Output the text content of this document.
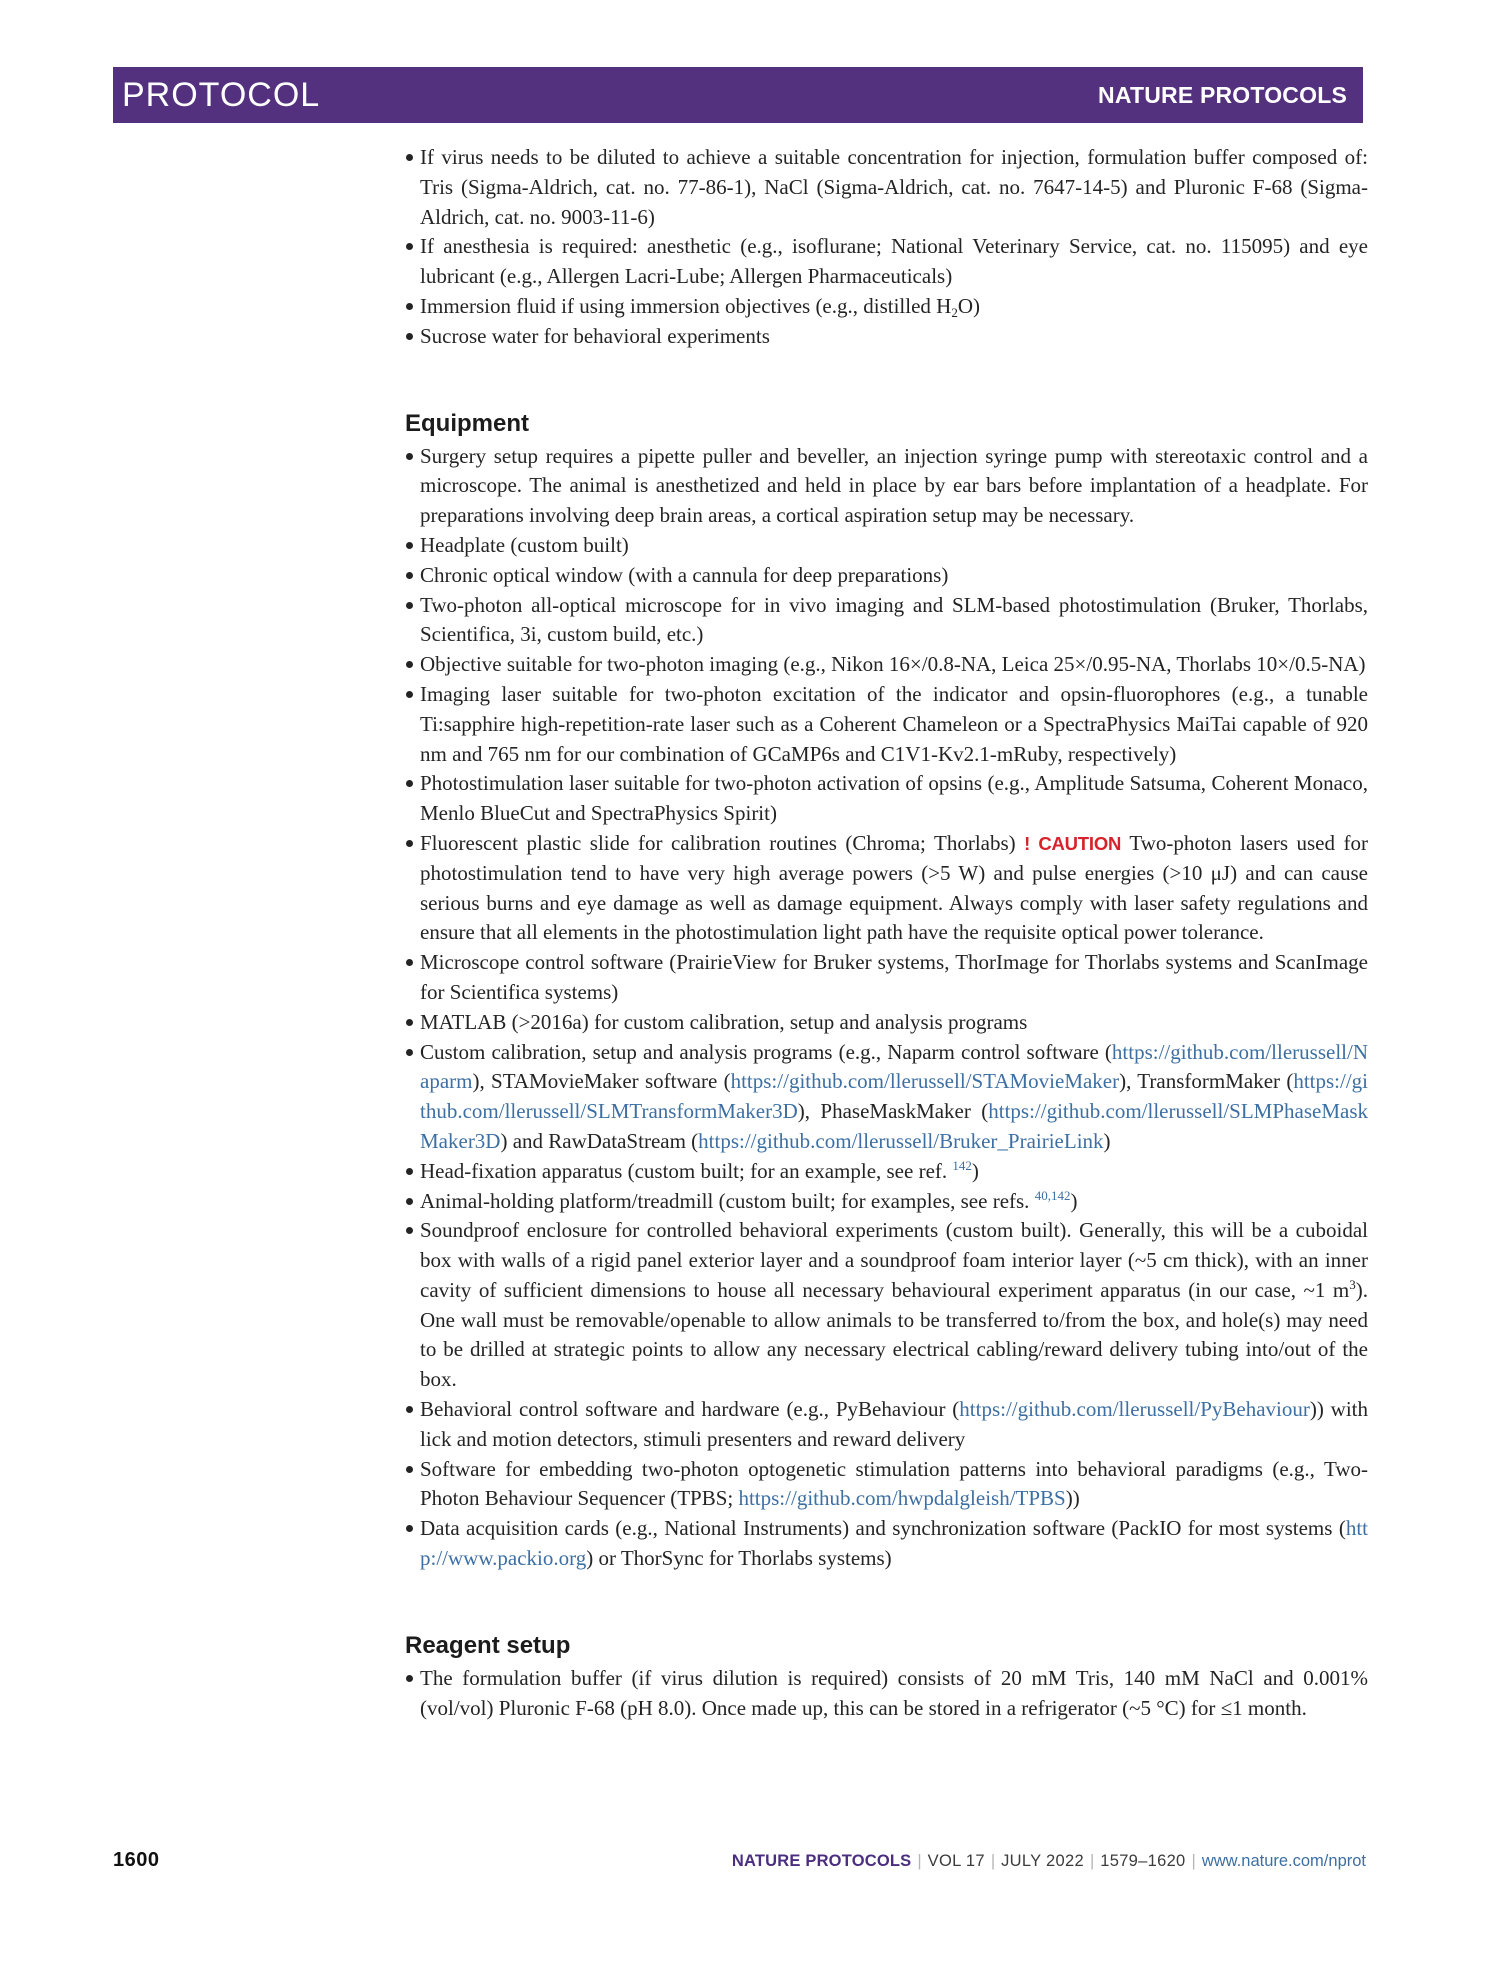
PROTOCOL	NATURE PROTOCOLS
If virus needs to be diluted to achieve a suitable concentration for injection, formulation buffer composed of: Tris (Sigma-Aldrich, cat. no. 77-86-1), NaCl (Sigma-Aldrich, cat. no. 7647-14-5) and Pluronic F-68 (Sigma-Aldrich, cat. no. 9003-11-6)
If anesthesia is required: anesthetic (e.g., isoflurane; National Veterinary Service, cat. no. 115095) and eye lubricant (e.g., Allergen Lacri-Lube; Allergen Pharmaceuticals)
Immersion fluid if using immersion objectives (e.g., distilled $H_2O$)
Sucrose water for behavioral experiments
Equipment
Surgery setup requires a pipette puller and beveller, an injection syringe pump with stereotaxic control and a microscope. The animal is anesthetized and held in place by ear bars before implantation of a headplate. For preparations involving deep brain areas, a cortical aspiration setup may be necessary.
Headplate (custom built)
Chronic optical window (with a cannula for deep preparations)
Two-photon all-optical microscope for in vivo imaging and SLM-based photostimulation (Bruker, Thorlabs, Scientifica, 3i, custom build, etc.)
Objective suitable for two-photon imaging (e.g., Nikon 16×/0.8-NA, Leica 25×/0.95-NA, Thorlabs 10×/0.5-NA)
Imaging laser suitable for two-photon excitation of the indicator and opsin-fluorophores (e.g., a tunable Ti:sapphire high-repetition-rate laser such as a Coherent Chameleon or a SpectraPhysics MaiTai capable of 920 nm and 765 nm for our combination of GCaMP6s and C1V1-Kv2.1-mRuby, respectively)
Photostimulation laser suitable for two-photon activation of opsins (e.g., Amplitude Satsuma, Coherent Monaco, Menlo BlueCut and SpectraPhysics Spirit)
Fluorescent plastic slide for calibration routines (Chroma; Thorlabs) ! CAUTION Two-photon lasers used for photostimulation tend to have very high average powers (>5 W) and pulse energies (>10 μJ) and can cause serious burns and eye damage as well as damage equipment. Always comply with laser safety regulations and ensure that all elements in the photostimulation light path have the requisite optical power tolerance.
Microscope control software (PrairieView for Bruker systems, ThorImage for Thorlabs systems and ScanImage for Scientifica systems)
MATLAB (>2016a) for custom calibration, setup and analysis programs
Custom calibration, setup and analysis programs (e.g., Naparm control software (https://github.com/llerussell/Naparm), STAMovieMaker software (https://github.com/llerussell/STAMovieMaker), TransformMaker (https://github.com/llerussell/SLMTransformMaker3D), PhaseMaskMaker (https://github.com/llerussell/SLMPhaseMaskMaker3D) and RawDataStream (https://github.com/llerussell/Bruker_PrairieLink)
Head-fixation apparatus (custom built; for an example, see ref. $^{142}$)
Animal-holding platform/treadmill (custom built; for examples, see refs. $^{40,142}$)
Soundproof enclosure for controlled behavioral experiments (custom built). Generally, this will be a cuboidal box with walls of a rigid panel exterior layer and a soundproof foam interior layer (~5 cm thick), with an inner cavity of sufficient dimensions to house all necessary behavioural experiment apparatus (in our case, ~1 $m^3$). One wall must be removable/openable to allow animals to be transferred to/from the box, and hole(s) may need to be drilled at strategic points to allow any necessary electrical cabling/reward delivery tubing into/out of the box.
Behavioral control software and hardware (e.g., PyBehaviour (https://github.com/llerussell/PyBehaviour)) with lick and motion detectors, stimuli presenters and reward delivery
Software for embedding two-photon optogenetic stimulation patterns into behavioral paradigms (e.g., Two-Photon Behaviour Sequencer (TPBS; https://github.com/hwpdalgleish/TPBS))
Data acquisition cards (e.g., National Instruments) and synchronization software (PackIO for most systems (http://www.packio.org) or ThorSync for Thorlabs systems)
Reagent setup
The formulation buffer (if virus dilution is required) consists of 20 mM Tris, 140 mM NaCl and 0.001% (vol/vol) Pluronic F-68 (pH 8.0). Once made up, this can be stored in a refrigerator (~5 °C) for ≤1 month.
1600	NATURE PROTOCOLS | VOL 17 | JULY 2022 | 1579–1620 | www.nature.com/nprot
